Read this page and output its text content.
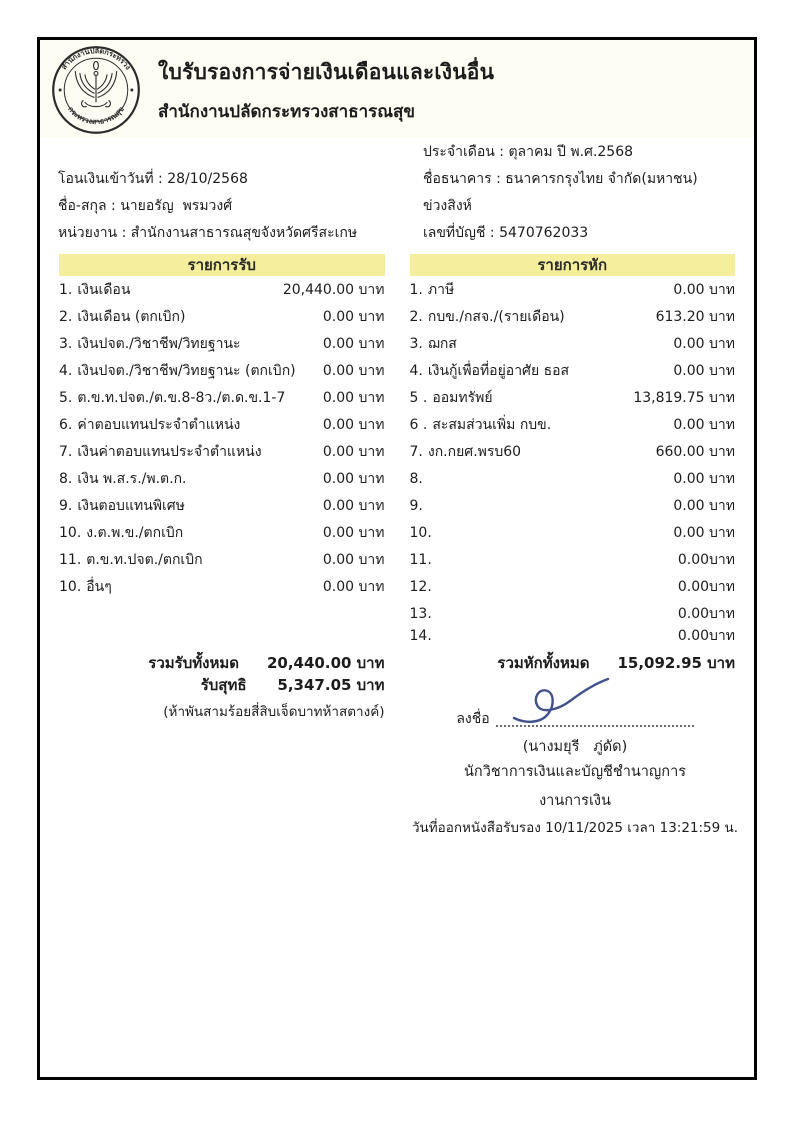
สำนักงานปลัดกระทรวง
กระทรวงสาธารณสุข
ใบรับรองการจ่ายเงินเดือนและเงินอื่น
สำนักงานปลัดกระทรวงสาธารณสุข
ประจำเดือน : ตุลาคม ปี พ.ศ.2568
โอนเงินเข้าวันที่ : 28/10/2568	ชื่อธนาคาร : ธนาคารกรุงไทย จำกัด(มหาชน)
ชื่อ-สกุล : นายอรัญ  พรมวงศ์	ข่วงสิงห์
หน่วยงาน : สำนักงานสาธารณสุขจังหวัดศรีสะเกษ	เลขที่บัญชี : 5470762033
รายการรับ
1. เงินเดือน	20,440.00 บาท
2. เงินเดือน (ตกเบิก)	0.00 บาท
3. เงินปจต./วิชาชีพ/วิทยฐานะ	0.00 บาท
4. เงินปจต./วิชาชีพ/วิทยฐานะ (ตกเบิก)	0.00 บาท
5. ต.ข.ท.ปจต./ต.ข.8-8ว./ต.ด.ข.1-7	0.00 บาท
6. ค่าตอบแทนประจำตำแหน่ง	0.00 บาท
7. เงินค่าตอบแทนประจำตำแหน่ง	0.00 บาท
8. เงิน พ.ส.ร./พ.ต.ก.	0.00 บาท
9. เงินตอบแทนพิเศษ	0.00 บาท
10. ง.ต.พ.ข./ตกเบิก	0.00 บาท
11. ต.ข.ท.ปจต./ตกเบิก	0.00 บาท
10. อื่นๆ	0.00 บาท
รวมรับทั้งหมด 20,440.00 บาท
รับสุทธิ 5,347.05 บาท
(ห้าพันสามร้อยสี่สิบเจ็ดบาทห้าสตางค์)
รายการหัก
1. ภาษี	0.00 บาท
2. กบข./กสจ./(รายเดือน)	613.20 บาท
3. ฌกส	0.00 บาท
4. เงินกู้เพื่อที่อยู่อาศัย ธอส	0.00 บาท
5 . ออมทรัพย์	13,819.75 บาท
6 . สะสมส่วนเพิ่ม กบข.	0.00 บาท
7. งก.กยศ.พรบ60	660.00 บาท
8.	0.00 บาท
9.	0.00 บาท
10.	0.00 บาท
11.	0.00บาท
12.	0.00บาท
13.	0.00บาท
14.	0.00บาท
รวมหักทั้งหมด 15,092.95 บาท
ลงชื่อ
(นางมยุรี   ภู่ดัด)
นักวิชาการเงินและบัญชีชำนาญการ
งานการเงิน
วันที่ออกหนังสือรับรอง 10/11/2025 เวลา 13:21:59 น.
